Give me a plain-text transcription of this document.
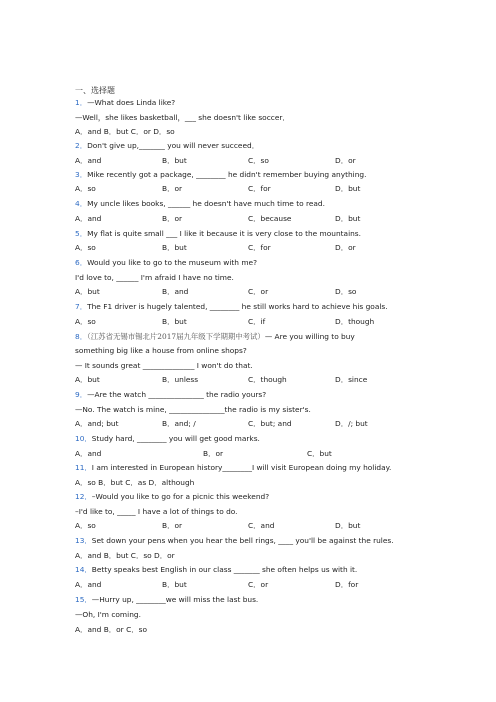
一、选择题
1．—What does Linda like?
—Well，she likes basketball，___ she doesn't like soccer．
A．and B．but C．or D．so
2．Don't give up,_______ you will never succeed．
A．and	B．but	C．so	D．or
3．Mike recently got a package, ________ he didn't remember buying anything.
A．so	B．or	C．for	D．but
4．My uncle likes books, ______ he doesn't have much time to read.
A．and	B．or	C．because	D．but
5．My flat is quite small ___ I like it because it is very close to the mountains.
A．so	B．but	C．for	D．or
6．Would you like to go to the museum with me?
I'd love to, ______ I'm afraid I have no time.
A．but	B．and	C．or	D．so
7．The F1 driver is hugely talented, ________ he still works hard to achieve his goals.
A．so	B．but	C．if	D．though
8．（江苏省无锡市锡北片2017届九年级下学期期中考试）— Are you willing to buy
something big like a house from online shops?
— It sounds great ______________ I won't do that.
A．but	B．unless	C．though	D．since
9．—Are the watch _______________ the radio yours?
—No. The watch is mine, _______________the radio is my sister's.
A．and; but	B．and; /	C．but; and	D．/; but
10．Study hard, ________ you will get good marks.
A．and	B．or	C．but
11．I am interested in European history________I will visit European doing my holiday.
A．so B．but C．as D．although
12．–Would you like to go for a picnic this weekend?
–I'd like to, _____ I have a lot of things to do.
A．so	B．or	C．and	D．but
13．Set down your pens when you hear the bell rings, ____ you'll be against the rules.
A．and B．but C．so D．or
14．Betty speaks best English in our class _______ she often helps us with it.
A．and	B．but	C．or	D．for
15．—Hurry up, ________we will miss the last bus.
—Oh, I'm coming.
A．and B．or C．so
